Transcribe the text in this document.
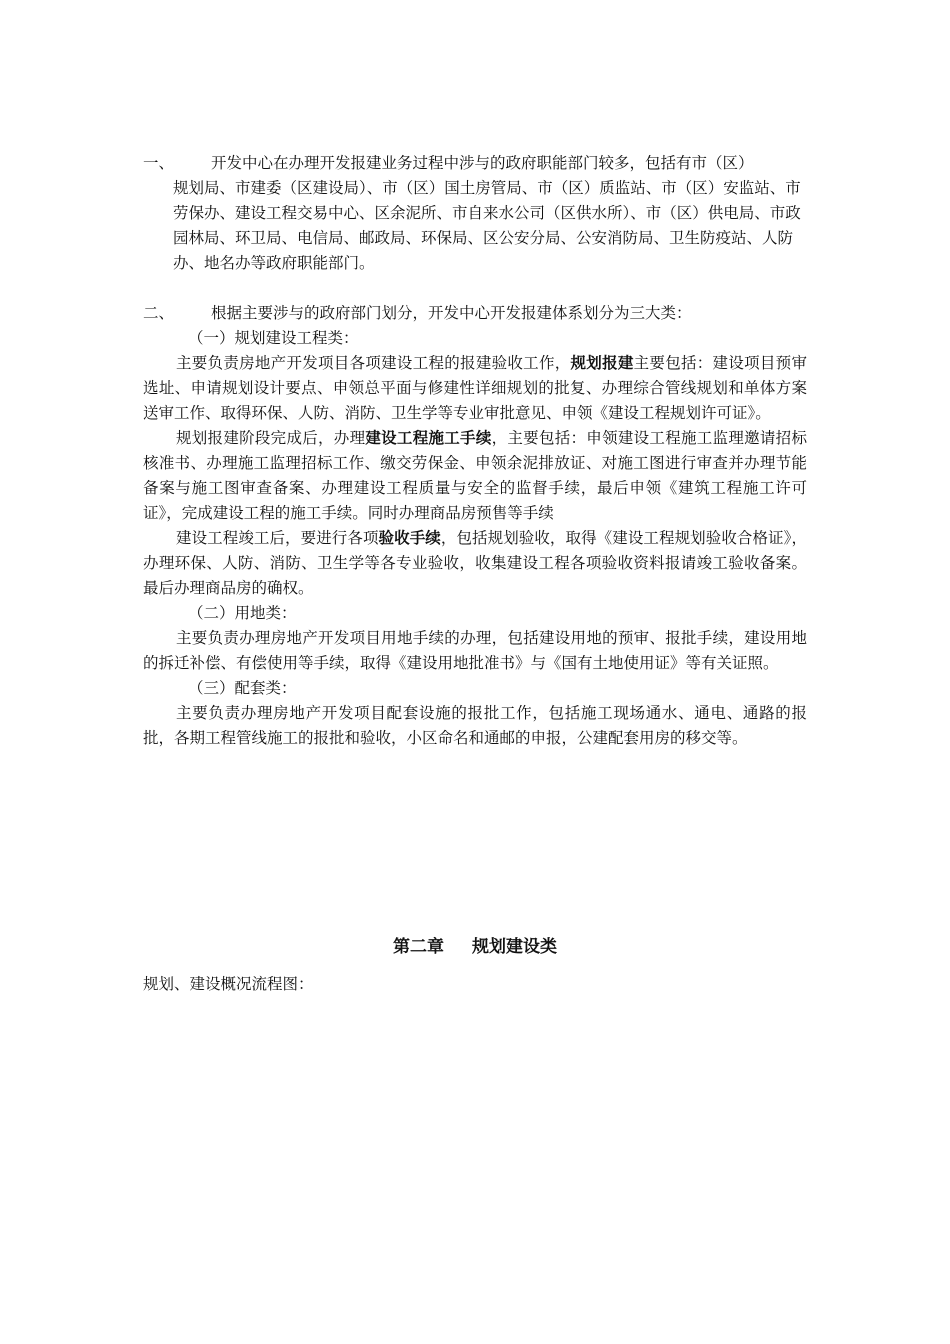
一、	开发中心在办理开发报建业务过程中涉与的政府职能部门较多，包括有市（区）

规划局、市建委（区建设局）、市（区）国土房管局、市（区）质监站、市（区）安监站、市劳保办、建设工程交易中心、区余泥所、市自来水公司（区供水所）、市（区）供电局、市政园林局、环卫局、电信局、邮政局、环保局、区公安分局、公安消防局、卫生防疫站、人防办、地名办等政府职能部门。

二、	根据主要涉与的政府部门划分，开发中心开发报建体系划分为三大类：

（一）规划建设工程类：

主要负责房地产开发项目各项建设工程的报建验收工作，规划报建主要包括：建设项目预审选址、申请规划设计要点、申领总平面与修建性详细规划的批复、办理综合管线规划和单体方案送审工作、取得环保、人防、消防、卫生学等专业审批意见、申领《建设工程规划许可证》。

规划报建阶段完成后，办理建设工程施工手续，主要包括：申领建设工程施工监理邀请招标核准书、办理施工监理招标工作、缴交劳保金、申领余泥排放证、对施工图进行审查并办理节能备案与施工图审查备案、办理建设工程质量与安全的监督手续，最后申领《建筑工程施工许可证》，完成建设工程的施工手续。同时办理商品房预售等手续

建设工程竣工后，要进行各项验收手续，包括规划验收，取得《建设工程规划验收合格证》，办理环保、人防、消防、卫生学等各专业验收，收集建设工程各项验收资料报请竣工验收备案。最后办理商品房的确权。

（二）用地类：

主要负责办理房地产开发项目用地手续的办理，包括建设用地的预审、报批手续，建设用地的拆迁补偿、有偿使用等手续，取得《建设用地批准书》与《国有土地使用证》等有关证照。

（三）配套类：

主要负责办理房地产开发项目配套设施的报批工作，包括施工现场通水、通电、通路的报批，各期工程管线施工的报批和验收，小区命名和通邮的申报，公建配套用房的移交等。

第二章 规划建设类

规划、建设概况流程图：
